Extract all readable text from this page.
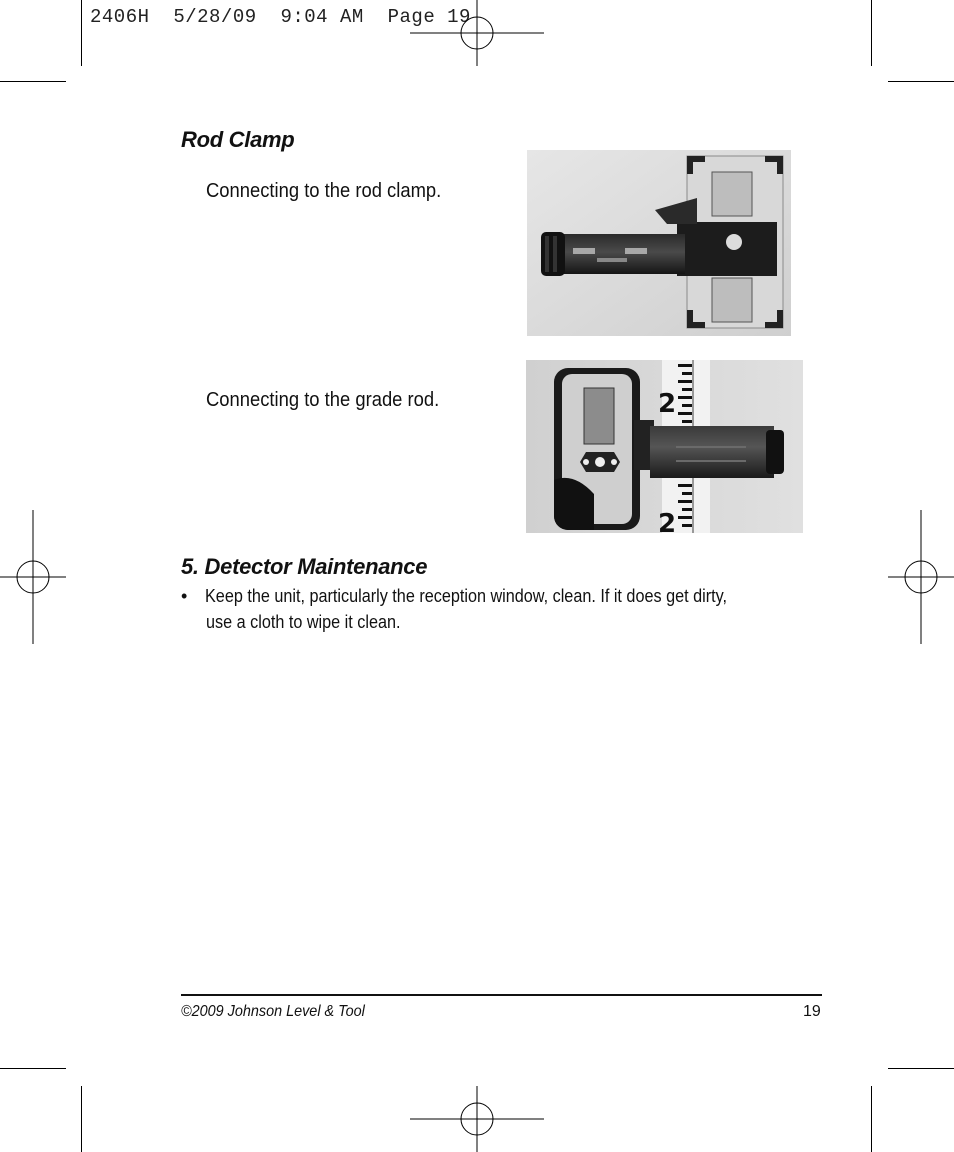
2406H 5/28/09 9:04 AM Page 19
Rod Clamp
Connecting to the rod clamp.
Connecting to the grade rod.	2
2
5. Detector Maintenance
• Keep the unit, particularly the reception window, clean. If it does get dirty,
use a cloth to wipe it clean.
©2009 Johnson Level & Tool	19
